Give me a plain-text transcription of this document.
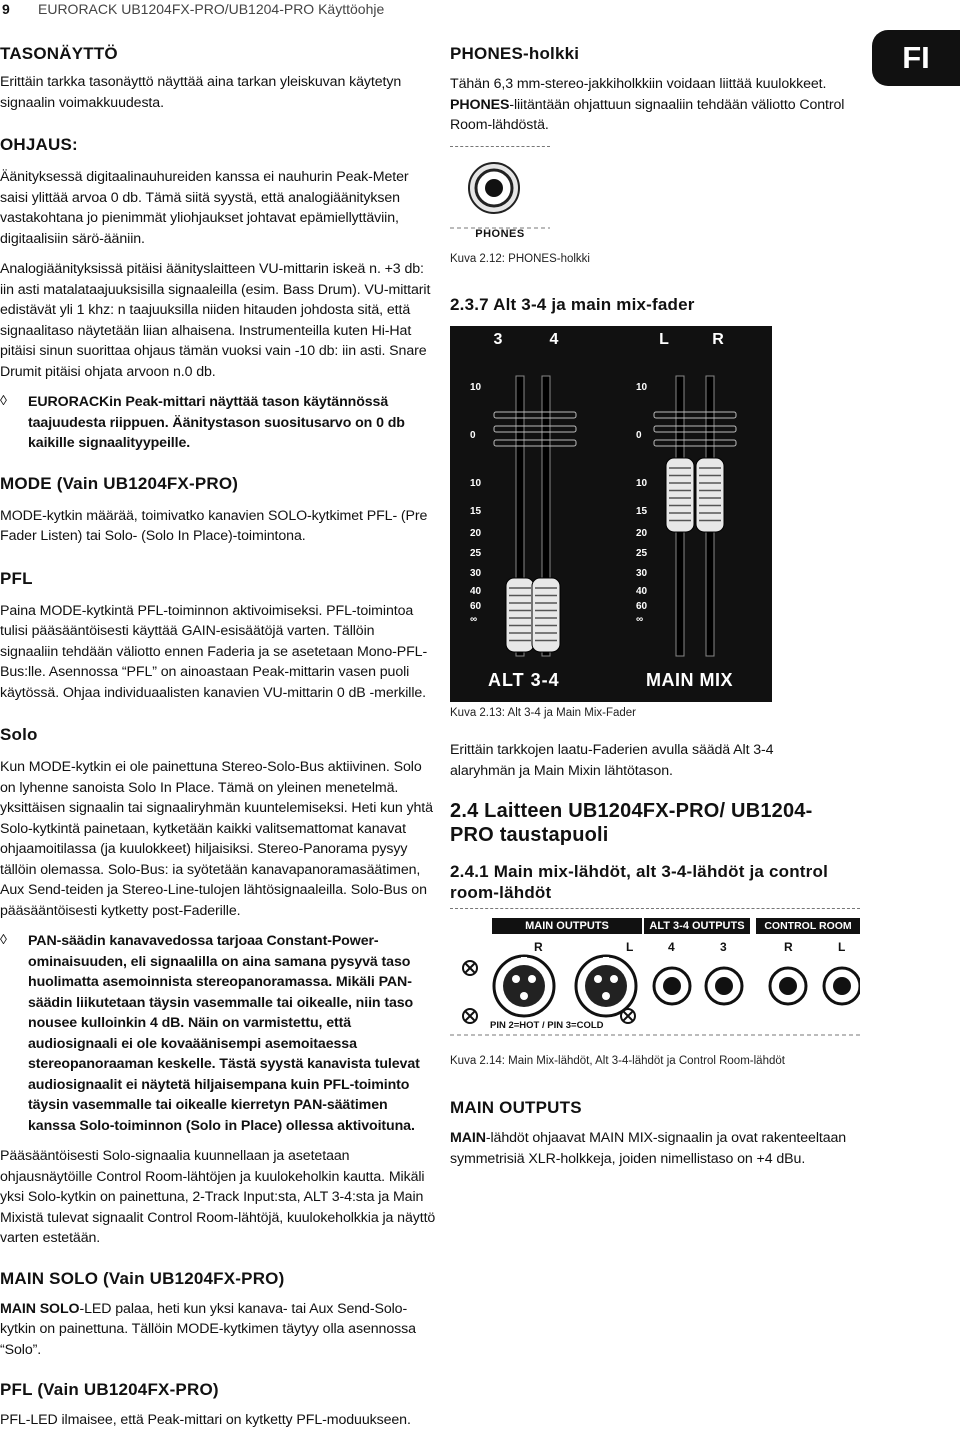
9 EURORACK UB1204FX-PRO/UB1204-PRO Käyttöohje
FI
TASONÄYTTÖ

Erittäin tarkka tasonäyttö näyttää aina tarkan yleiskuvan käytetyn signaalin voimakkuudesta.

OHJAUS:

Äänityksessä digitaalinauhureiden kanssa ei nauhurin Peak-Meter saisi ylittää arvoa 0 db. Tämä siitä syystä, että analogiäänityksen vastakohtana jo pienimmät yliohjaukset johtavat epämiellyttäviin, digitaalisiin särö-ääniin.

Analogiäänityksissä pitäisi äänityslaitteen VU-mittarin iskeä n. +3 db: iin asti matalataajuuksisilla signaaleilla (esim. Bass Drum). VU-mittarit edistävät yli 1 khz: n taajuuksilla niiden hitauden johdosta sitä, että signaalitaso näytetään liian alhaisena. Instrumenteilla kuten Hi-Hat pitäisi sinun suorittaa ohjaus tämän vuoksi vain -10 db: iin asti. Snare Drumit pitäisi ohjata arvoon n.0 db.

◊ EURORACKin Peak-mittari näyttää tason käytännössä taajuudesta riippuen. Äänitystason suositusarvo on 0 db kaikille signaalityypeille.

MODE (Vain UB1204FX-PRO)

MODE-kytkin määrää, toimivatko kanavien SOLO-kytkimet PFL- (Pre Fader Listen) tai Solo- (Solo In Place)-toimintona.

PFL

Paina MODE-kytkintä PFL-toiminnon aktivoimiseksi. PFL-toimintoa tulisi pääsääntöisesti käyttää GAIN-esisäätöjä varten. Tällöin signaaliin tehdään väliotto ennen Faderia ja se asetetaan Mono-PFL-Bus:lle. Asennossa “PFL” on ainoastaan Peak-mittarin vasen puoli käytössä. Ohjaa individuaalisten kanavien VU-mittarin 0 dB -merkille.

Solo

Kun MODE-kytkin ei ole painettuna Stereo-Solo-Bus aktiivinen. Solo on lyhenne sanoista Solo In Place. Tämä on yleinen menetelmä. yksittäisen signaalin tai signaaliryhmän kuuntelemiseksi. Heti kun yhtä Solo-kytkintä painetaan, kytketään kaikki valitsemattomat kanavat ohjaamoitilassa (ja kuulokkeet) hiljaisiksi. Stereo-Panorama pysyy tällöin olemassa. Solo-Bus: ia syötetään kanavapanoramasäätimen, Aux Send-teiden ja Stereo-Line-tulojen lähtösignaaleilla. Solo-Bus on pääsääntöisesti kytketty post-Faderille.

◊ PAN-säädin kanavavedossa tarjoaa Constant-Power-ominaisuuden, eli signaalilla on aina samana pysyvä taso huolimatta asemoinnista stereopanoramassa. Mikäli PAN-säädin liikutetaan täysin vasemmalle tai oikealle, niin taso nousee kulloinkin 4 dB. Näin on varmistettu, että audiosignaali ei ole kovaäänisempi asemoitaessa stereopanoraaman keskelle. Tästä syystä kanavista tulevat audiosignaalit ei näytetä hiljaisempana kuin PFL-toiminto täysin vasemmalle tai oikealle kierretyn PAN-säätimen kanssa Solo-toiminnon (Solo in Place) ollessa aktivoituna.

Pääsääntöisesti Solo-signaalia kuunnellaan ja asetetaan ohjausnäytöille Control Room-lähtöjen ja kuulokeholkin kautta. Mikäli yksi Solo-kytkin on painettuna, 2-Track Input:sta, ALT 3-4:sta ja Main Mixistä tulevat signaalit Control Room-lähtöjä, kuulokeholkkia ja näyttö varten estetään.

MAIN SOLO (Vain UB1204FX-PRO)

MAIN SOLO-LED palaa, heti kun yksi kanava- tai Aux Send-Solo-kytkin on painettuna. Tällöin MODE-kytkimen täytyy olla asennossa “Solo”.

PFL (Vain UB1204FX-PRO)

PFL-LED ilmaisee, että Peak-mittari on kytketty PFL-moduukseen.

PHONES-holkki

Tähän 6,3 mm-stereo-jakkiholkkiin voidaan liittää kuulokkeet.

PHONES-liitäntään ohjattuun signaaliin tehdään väliotto Control Room-lähdöstä.

PHONES
Kuva 2.12: PHONES-holkki
2.3.7 Alt 3-4 ja main mix-fader
3	4	L	R
10
0
10
15
20
25
30
40
60
∞
10
0
10
15
20
25
30
40
60
∞
ALT 3-4	MAIN MIX
Kuva 2.13: Alt 3-4 ja Main Mix-Fader

Erittäin tarkkojen laatu-Faderien avulla säädä Alt 3-4 alaryhmän ja Main Mixin lähtötason.

2.4 Laitteen UB1204FX-PRO/ UB1204-PRO taustapuoli
2.4.1 Main mix-lähdöt, alt 3-4-lähdöt ja control room-lähdöt
MAIN OUTPUTS	ALT 3-4 OUTPUTS	CONTROL ROOM OUT
R	L	4	3	R	L
PIN 2=HOT / PIN 3=COLD
Kuva 2.14: Main Mix-lähdöt, Alt 3-4-lähdöt ja Control Room-lähdöt
MAIN OUTPUTS

MAIN-lähdöt ohjaavat MAIN MIX-signaalin ja ovat rakenteeltaan symmetrisiä XLR-holkkeja, joiden nimellistaso on +4 dBu.
